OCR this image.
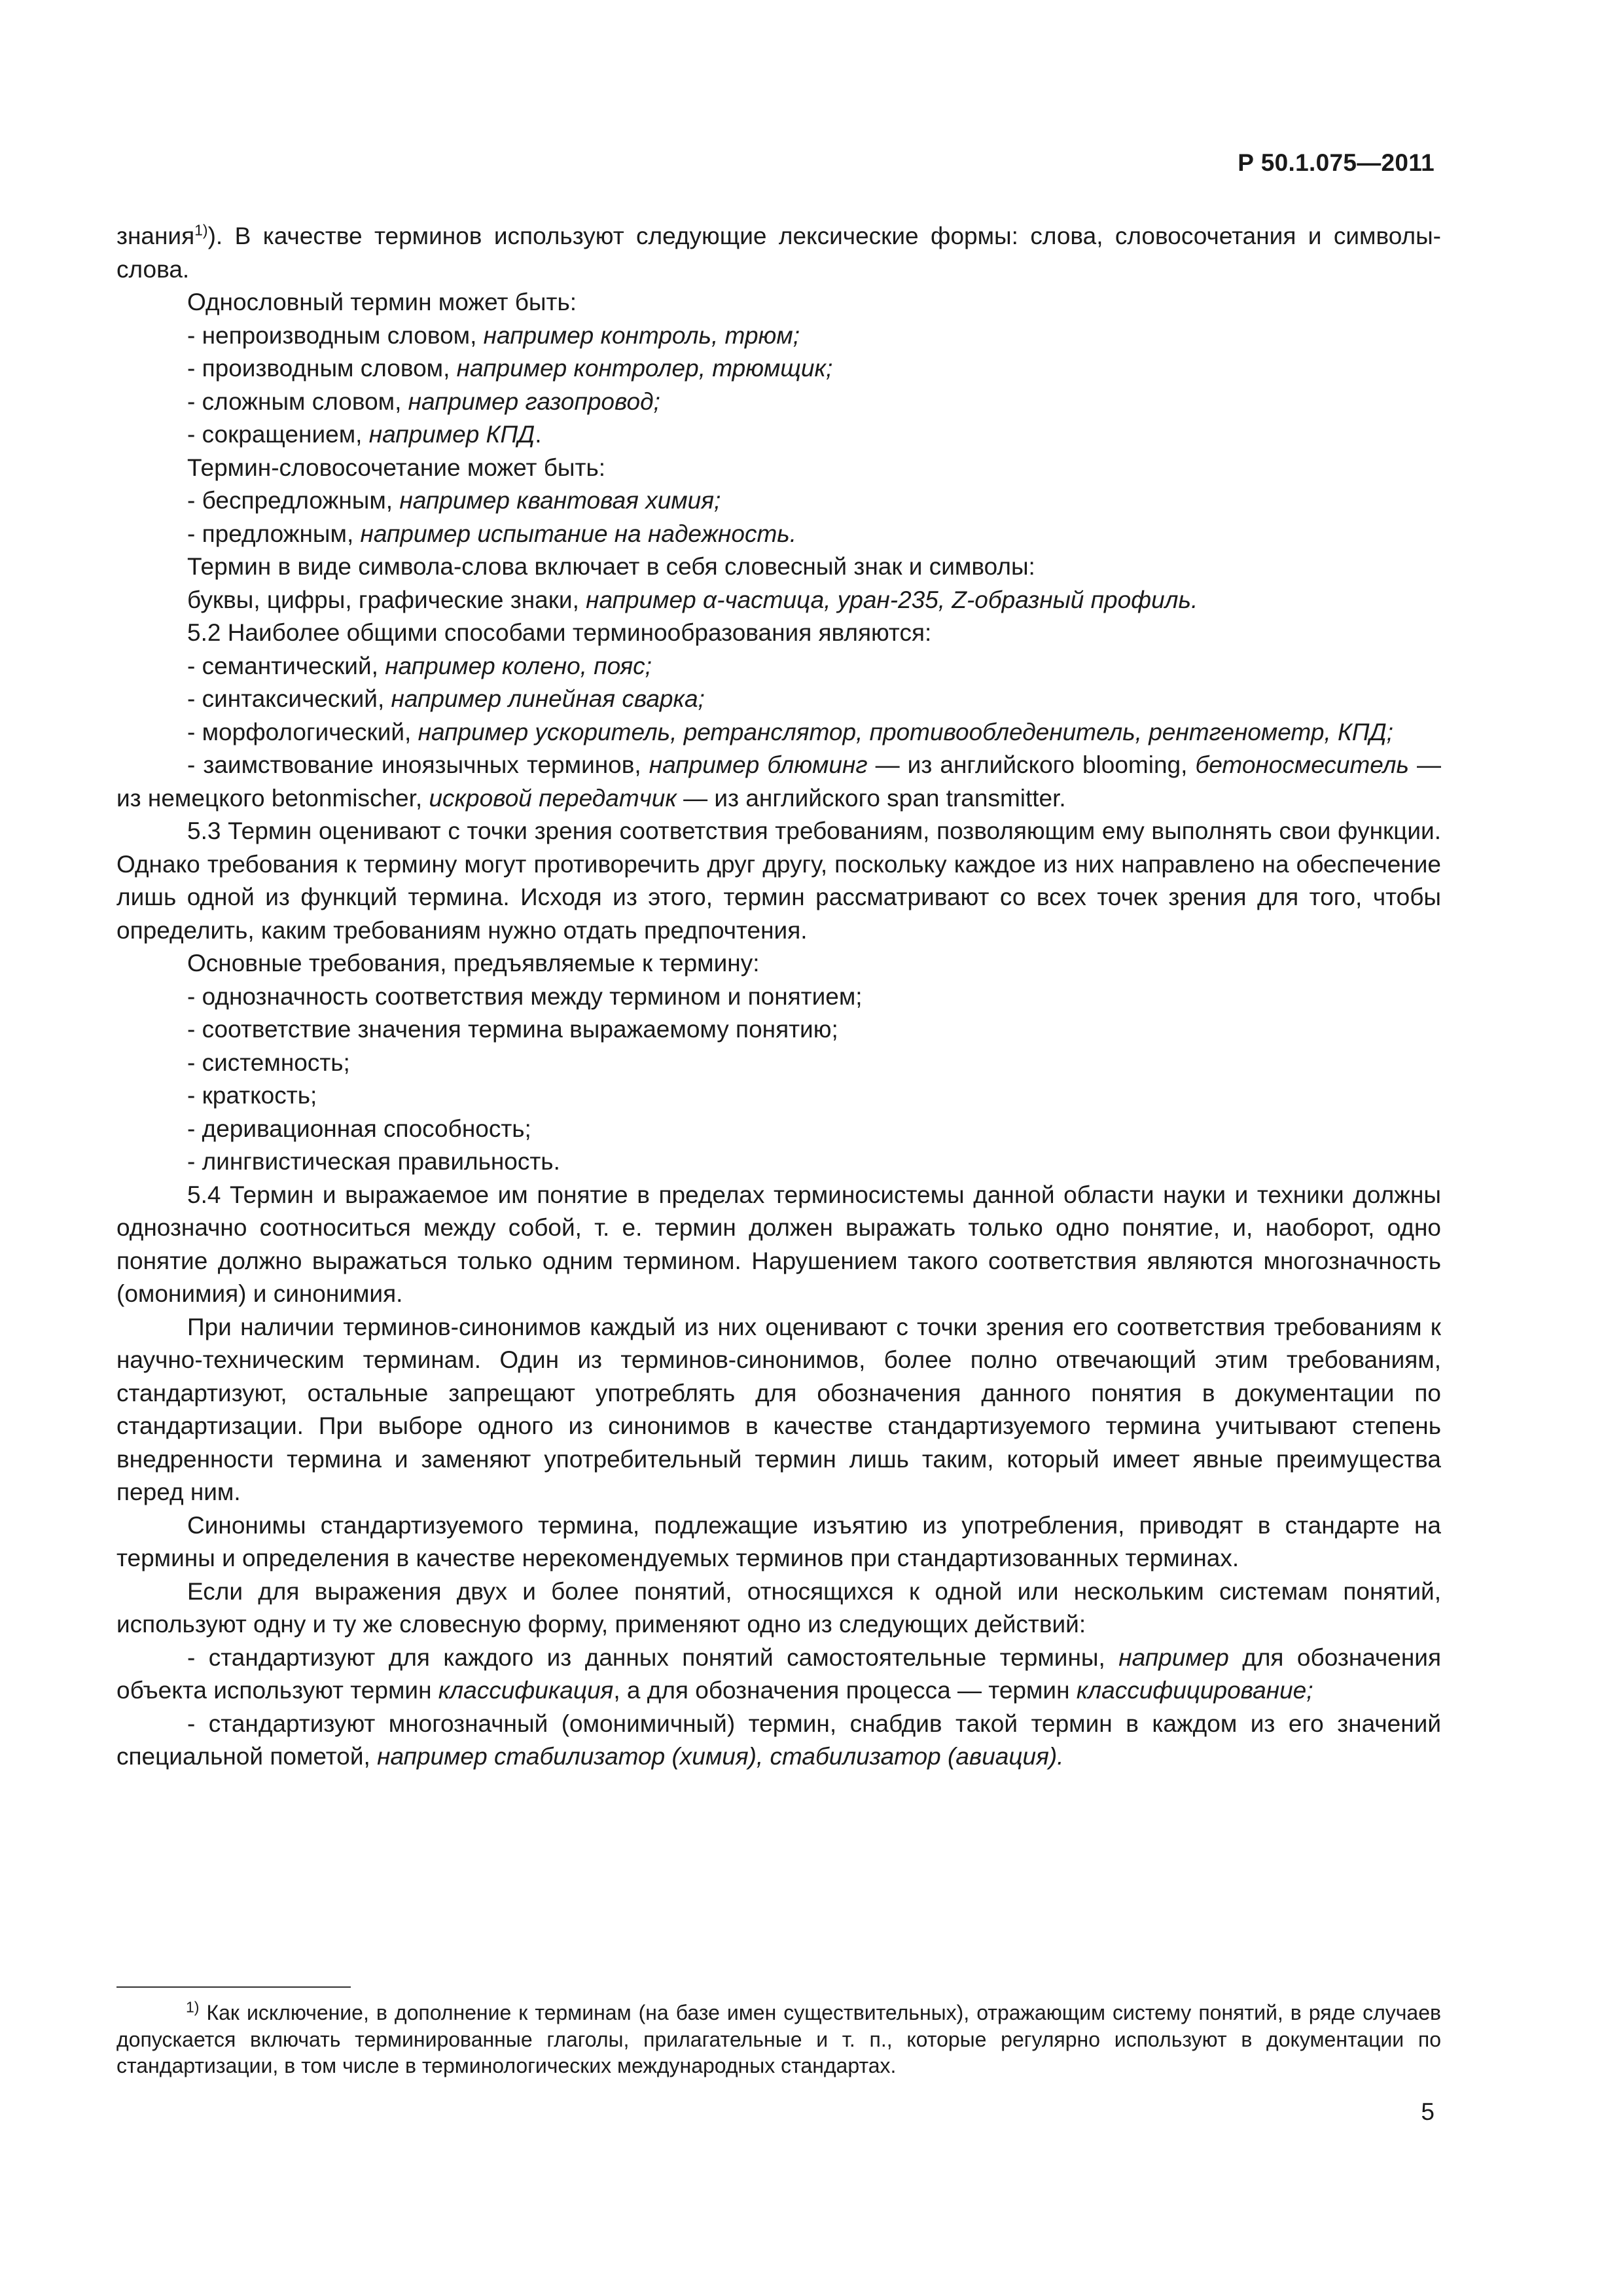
Р 50.1.075—2011

знания$^{1)}$). В качестве терминов используют следующие лексические формы: слова, словосочетания и символы-слова.

Однословный термин может быть:

- непроизводным словом, например контроль, трюм;

- производным словом, например контролер, трюмщик;

- сложным словом, например газопровод;

- сокращением, например КПД.

Термин-словосочетание может быть:

- беспредложным, например квантовая химия;

- предложным, например испытание на надежность.

Термин в виде символа-слова включает в себя словесный знак и символы:

буквы, цифры, графические знаки, например α-частица, уран-235, Z-образный профиль.

5.2 Наиболее общими способами терминообразования являются:

- семантический, например колено, пояс;

- синтаксический, например линейная сварка;

- морфологический, например ускоритель, ретранслятор, противообледенитель, рентгенометр, КПД;

- заимствование иноязычных терминов, например блюминг — из английского blooming, бетоносмеситель — из немецкого betonmischer, искровой передатчик — из английского span transmitter.

5.3 Термин оценивают с точки зрения соответствия требованиям, позволяющим ему выполнять свои функции. Однако требования к термину могут противоречить друг другу, поскольку каждое из них направлено на обеспечение лишь одной из функций термина. Исходя из этого, термин рассматривают со всех точек зрения для того, чтобы определить, каким требованиям нужно отдать предпочтения.

Основные требования, предъявляемые к термину:

- однозначность соответствия между термином и понятием;

- соответствие значения термина выражаемому понятию;

- системность;

- краткость;

- деривационная способность;

- лингвистическая правильность.

5.4 Термин и выражаемое им понятие в пределах терминосистемы данной области науки и техники должны однозначно соотноситься между собой, т. е. термин должен выражать только одно понятие, и, наоборот, одно понятие должно выражаться только одним термином. Нарушением такого соответствия являются многозначность (омонимия) и синонимия.

При наличии терминов-синонимов каждый из них оценивают с точки зрения его соответствия требованиям к научно-техническим терминам. Один из терминов-синонимов, более полно отвечающий этим требованиям, стандартизуют, остальные запрещают употреблять для обозначения данного понятия в документации по стандартизации. При выборе одного из синонимов в качестве стандартизуемого термина учитывают степень внедренности термина и заменяют употребительный термин лишь таким, который имеет явные преимущества перед ним.

Синонимы стандартизуемого термина, подлежащие изъятию из употребления, приводят в стандарте на термины и определения в качестве нерекомендуемых терминов при стандартизованных терминах.

Если для выражения двух и более понятий, относящихся к одной или нескольким системам понятий, используют одну и ту же словесную форму, применяют одно из следующих действий:

- стандартизуют для каждого из данных понятий самостоятельные термины, например для обозначения объекта используют термин классификация, а для обозначения процесса — термин классифицирование;

- стандартизуют многозначный (омонимичный) термин, снабдив такой термин в каждом из его значений специальной пометой, например стабилизатор (химия), стабилизатор (авиация).

$^{1)}$ Как исключение, в дополнение к терминам (на базе имен существительных), отражающим систему понятий, в ряде случаев допускается включать терминированные глаголы, прилагательные и т. п., которые регулярно используют в документации по стандартизации, в том числе в терминологических международных стандартах.

5
